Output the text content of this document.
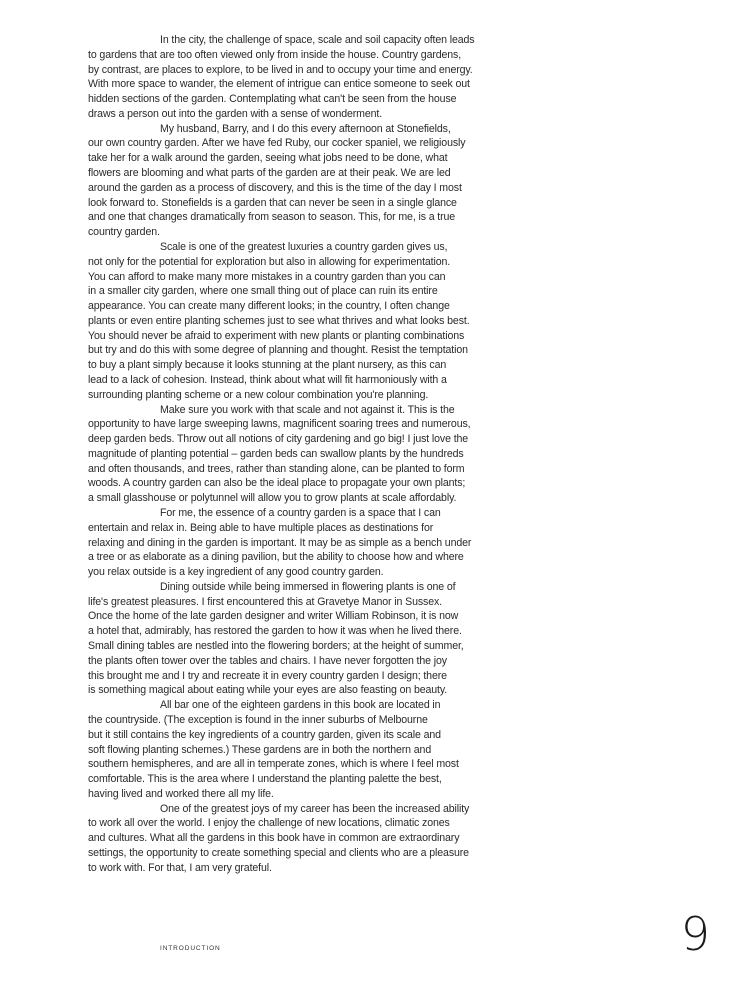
In the city, the challenge of space, scale and soil capacity often leads
to gardens that are too often viewed only from inside the house. Country gardens,
by contrast, are places to explore, to be lived in and to occupy your time and energy.
With more space to wander, the element of intrigue can entice someone to seek out
hidden sections of the garden. Contemplating what can't be seen from the house
draws a person out into the garden with a sense of wonderment.

My husband, Barry, and I do this every afternoon at Stonefields,
our own country garden. After we have fed Ruby, our cocker spaniel, we religiously
take her for a walk around the garden, seeing what jobs need to be done, what
flowers are blooming and what parts of the garden are at their peak. We are led
around the garden as a process of discovery, and this is the time of the day I most
look forward to. Stonefields is a garden that can never be seen in a single glance
and one that changes dramatically from season to season. This, for me, is a true
country garden.

Scale is one of the greatest luxuries a country garden gives us,
not only for the potential for exploration but also in allowing for experimentation.
You can afford to make many more mistakes in a country garden than you can
in a smaller city garden, where one small thing out of place can ruin its entire
appearance. You can create many different looks; in the country, I often change
plants or even entire planting schemes just to see what thrives and what looks best.
You should never be afraid to experiment with new plants or planting combinations
but try and do this with some degree of planning and thought. Resist the temptation
to buy a plant simply because it looks stunning at the plant nursery, as this can
lead to a lack of cohesion. Instead, think about what will fit harmoniously with a
surrounding planting scheme or a new colour combination you're planning.

Make sure you work with that scale and not against it. This is the
opportunity to have large sweeping lawns, magnificent soaring trees and numerous,
deep garden beds. Throw out all notions of city gardening and go big! I just love the
magnitude of planting potential – garden beds can swallow plants by the hundreds
and often thousands, and trees, rather than standing alone, can be planted to form
woods. A country garden can also be the ideal place to propagate your own plants;
a small glasshouse or polytunnel will allow you to grow plants at scale affordably.

For me, the essence of a country garden is a space that I can
entertain and relax in. Being able to have multiple places as destinations for
relaxing and dining in the garden is important. It may be as simple as a bench under
a tree or as elaborate as a dining pavilion, but the ability to choose how and where
you relax outside is a key ingredient of any good country garden.

Dining outside while being immersed in flowering plants is one of
life's greatest pleasures. I first encountered this at Gravetye Manor in Sussex.
Once the home of the late garden designer and writer William Robinson, it is now
a hotel that, admirably, has restored the garden to how it was when he lived there.
Small dining tables are nestled into the flowering borders; at the height of summer,
the plants often tower over the tables and chairs. I have never forgotten the joy
this brought me and I try and recreate it in every country garden I design; there
is something magical about eating while your eyes are also feasting on beauty.

All bar one of the eighteen gardens in this book are located in
the countryside. (The exception is found in the inner suburbs of Melbourne
but it still contains the key ingredients of a country garden, given its scale and
soft flowing planting schemes.) These gardens are in both the northern and
southern hemispheres, and are all in temperate zones, which is where I feel most
comfortable. This is the area where I understand the planting palette the best,
having lived and worked there all my life.

One of the greatest joys of my career has been the increased ability
to work all over the world. I enjoy the challenge of new locations, climatic zones
and cultures. What all the gardens in this book have in common are extraordinary
settings, the opportunity to create something special and clients who are a pleasure
to work with. For that, I am very grateful.

INTRODUCTION	9
